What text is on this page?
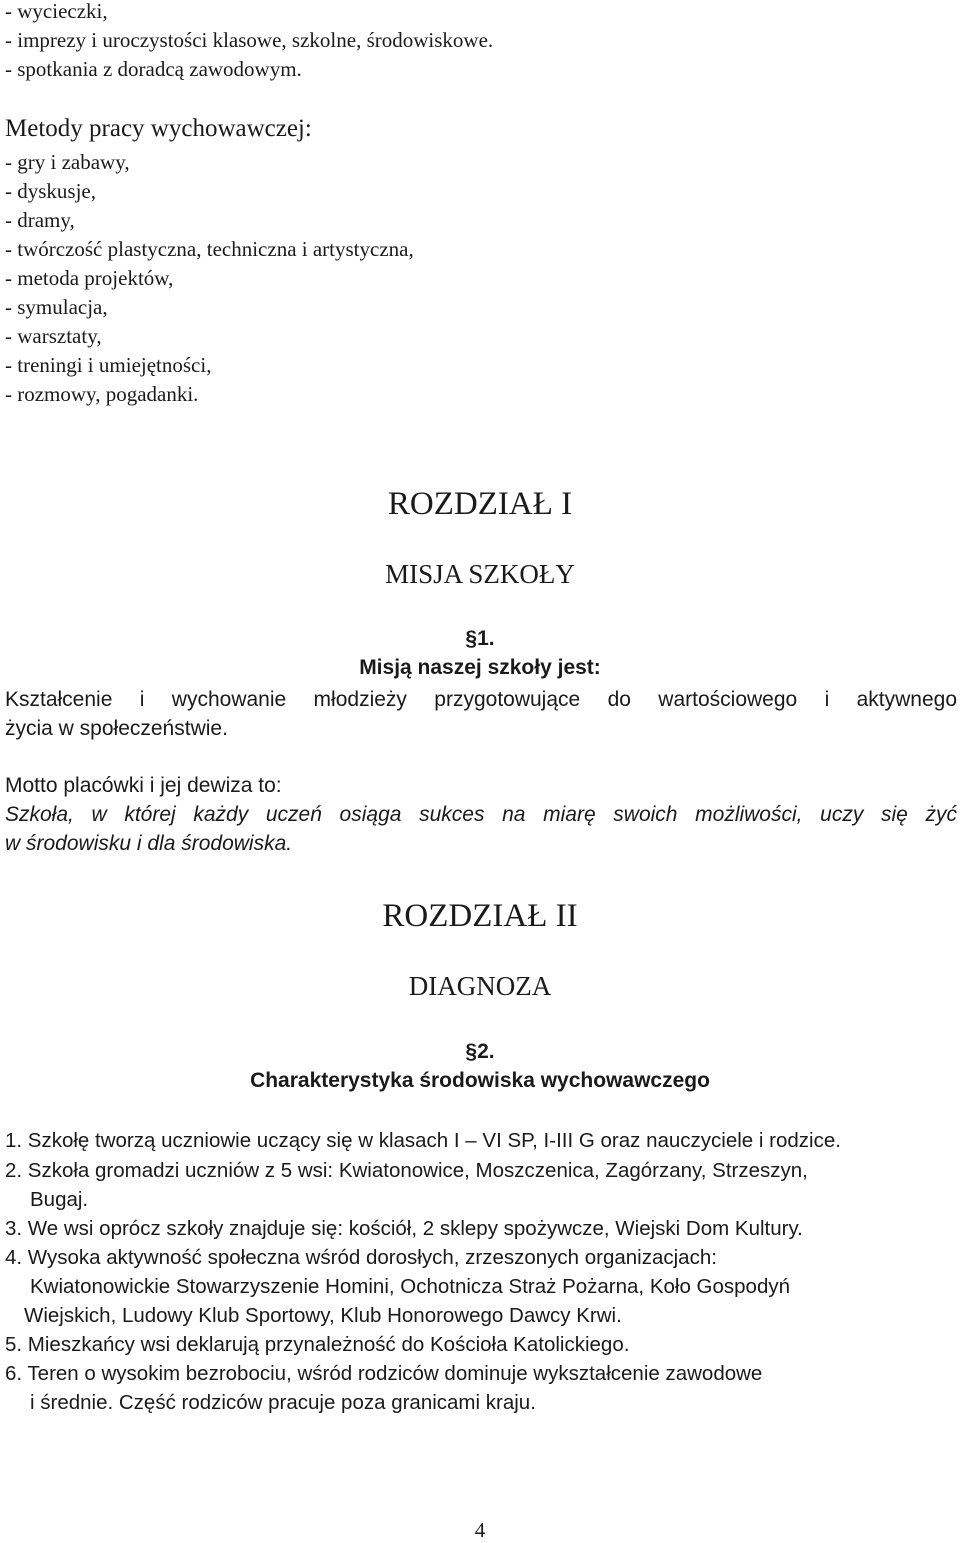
- wycieczki,
- imprezy i uroczystości klasowe, szkolne, środowiskowe.
- spotkania z doradcą zawodowym.
Metody pracy wychowawczej:
- gry i zabawy,
- dyskusje,
- dramy,
- twórczość plastyczna, techniczna i artystyczna,
- metoda projektów,
- symulacja,
- warsztaty,
- treningi i umiejętności,
- rozmowy, pogadanki.
ROZDZIAŁ I
MISJA SZKOŁY
§1.
Misją naszej szkoły jest:
Kształcenie i wychowanie młodzieży przygotowujące do wartościowego i aktywnego
życia w społeczeństwie.
Motto placówki i jej dewiza to:
Szkoła, w której każdy uczeń osiąga sukces na miarę swoich możliwości, uczy się żyć
w środowisku i dla środowiska.
ROZDZIAŁ II
DIAGNOZA
§2.
Charakterystyka środowiska wychowawczego
1. Szkołę tworzą uczniowie uczący się w klasach I – VI SP, I-III G oraz nauczyciele i rodzice.
2. Szkoła gromadzi uczniów z 5 wsi: Kwiatonowice, Moszczenica, Zagórzany, Strzeszyn,
Bugaj.
3. We wsi oprócz szkoły znajduje się: kościół, 2 sklepy spożywcze, Wiejski Dom Kultury.
4. Wysoka aktywność społeczna wśród dorosłych, zrzeszonych organizacjach:
Kwiatonowickie Stowarzyszenie Homini, Ochotnicza Straż Pożarna, Koło Gospodyń
Wiejskich, Ludowy Klub Sportowy, Klub Honorowego Dawcy Krwi.
5. Mieszkańcy wsi deklarują przynależność do Kościoła Katolickiego.
6. Teren o wysokim bezrobociu, wśród rodziców dominuje wykształcenie zawodowe
i średnie. Część rodziców pracuje poza granicami kraju.
4
